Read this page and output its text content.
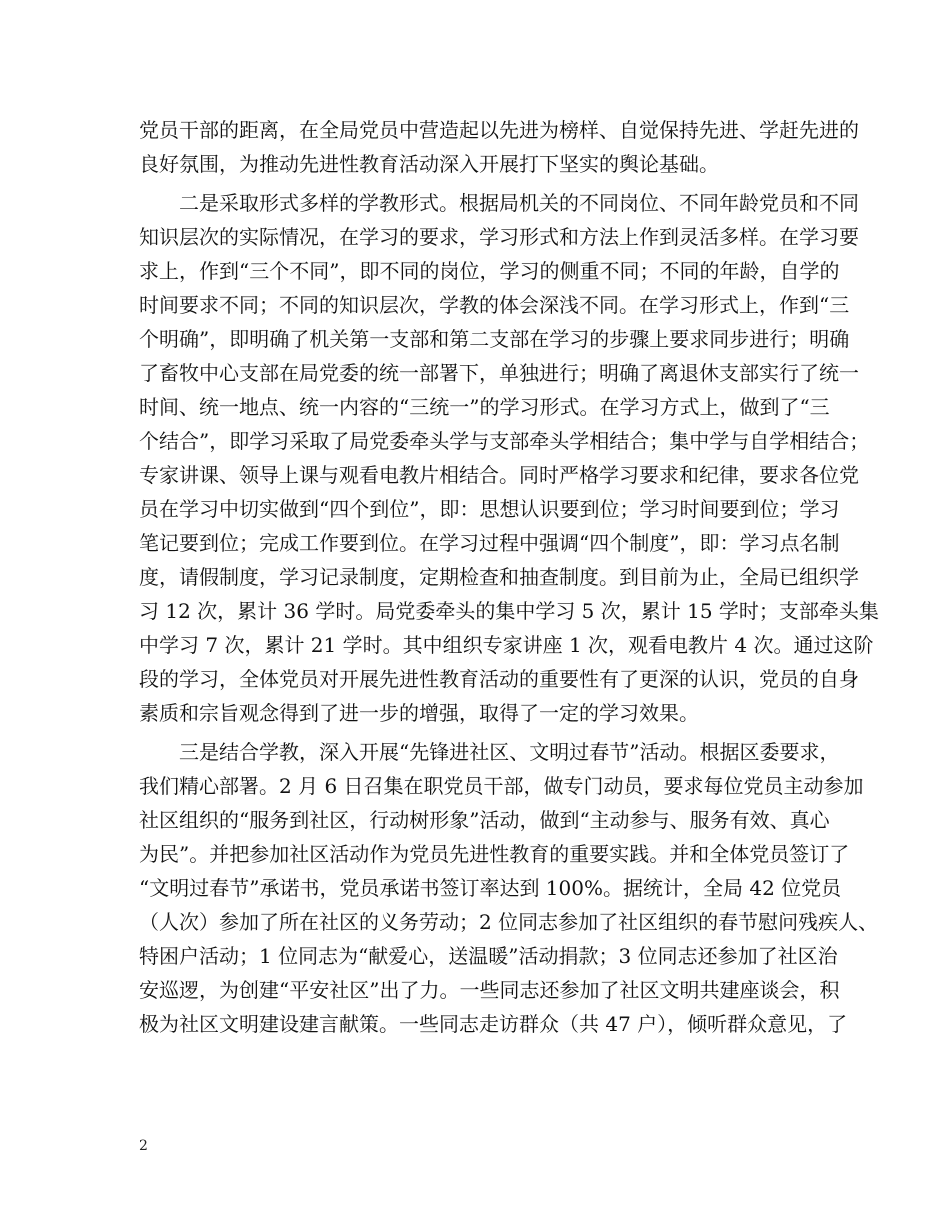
党员干部的距离，在全局党员中营造起以先进为榜样、自觉保持先进、学赶先进的
良好氛围，为推动先进性教育活动深入开展打下坚实的舆论基础。
二是采取形式多样的学教形式。根据局机关的不同岗位、不同年龄党员和不同
知识层次的实际情况，在学习的要求，学习形式和方法上作到灵活多样。在学习要
求上，作到“三个不同”，即不同的岗位，学习的侧重不同；不同的年龄，自学的
时间要求不同；不同的知识层次，学教的体会深浅不同。在学习形式上，作到“三
个明确”，即明确了机关第一支部和第二支部在学习的步骤上要求同步进行；明确
了畜牧中心支部在局党委的统一部署下，单独进行；明确了离退休支部实行了统一
时间、统一地点、统一内容的“三统一”的学习形式。在学习方式上，做到了“三
个结合”，即学习采取了局党委牵头学与支部牵头学相结合；集中学与自学相结合；
专家讲课、领导上课与观看电教片相结合。同时严格学习要求和纪律，要求各位党
员在学习中切实做到“四个到位”，即：思想认识要到位；学习时间要到位；学习
笔记要到位；完成工作要到位。在学习过程中强调“四个制度”，即：学习点名制
度，请假制度，学习记录制度，定期检查和抽查制度。到目前为止，全局已组织学
习 12 次，累计 36 学时。局党委牵头的集中学习 5 次，累计 15 学时；支部牵头集
中学习 7 次，累计 21 学时。其中组织专家讲座 1 次，观看电教片 4 次。通过这阶
段的学习，全体党员对开展先进性教育活动的重要性有了更深的认识，党员的自身
素质和宗旨观念得到了进一步的增强，取得了一定的学习效果。
三是结合学教，深入开展“先锋进社区、文明过春节”活动。根据区委要求，
我们精心部署。2 月 6 日召集在职党员干部，做专门动员，要求每位党员主动参加
社区组织的“服务到社区，行动树形象”活动，做到“主动参与、服务有效、真心
为民”。并把参加社区活动作为党员先进性教育的重要实践。并和全体党员签订了
“文明过春节”承诺书，党员承诺书签订率达到 100%。据统计，全局 42 位党员
（人次）参加了所在社区的义务劳动；2 位同志参加了社区组织的春节慰问残疾人、
特困户活动；1 位同志为“献爱心，送温暖”活动捐款；3 位同志还参加了社区治
安巡逻，为创建“平安社区”出了力。一些同志还参加了社区文明共建座谈会，积
极为社区文明建设建言献策。一些同志走访群众（共 47 户），倾听群众意见，了
2
